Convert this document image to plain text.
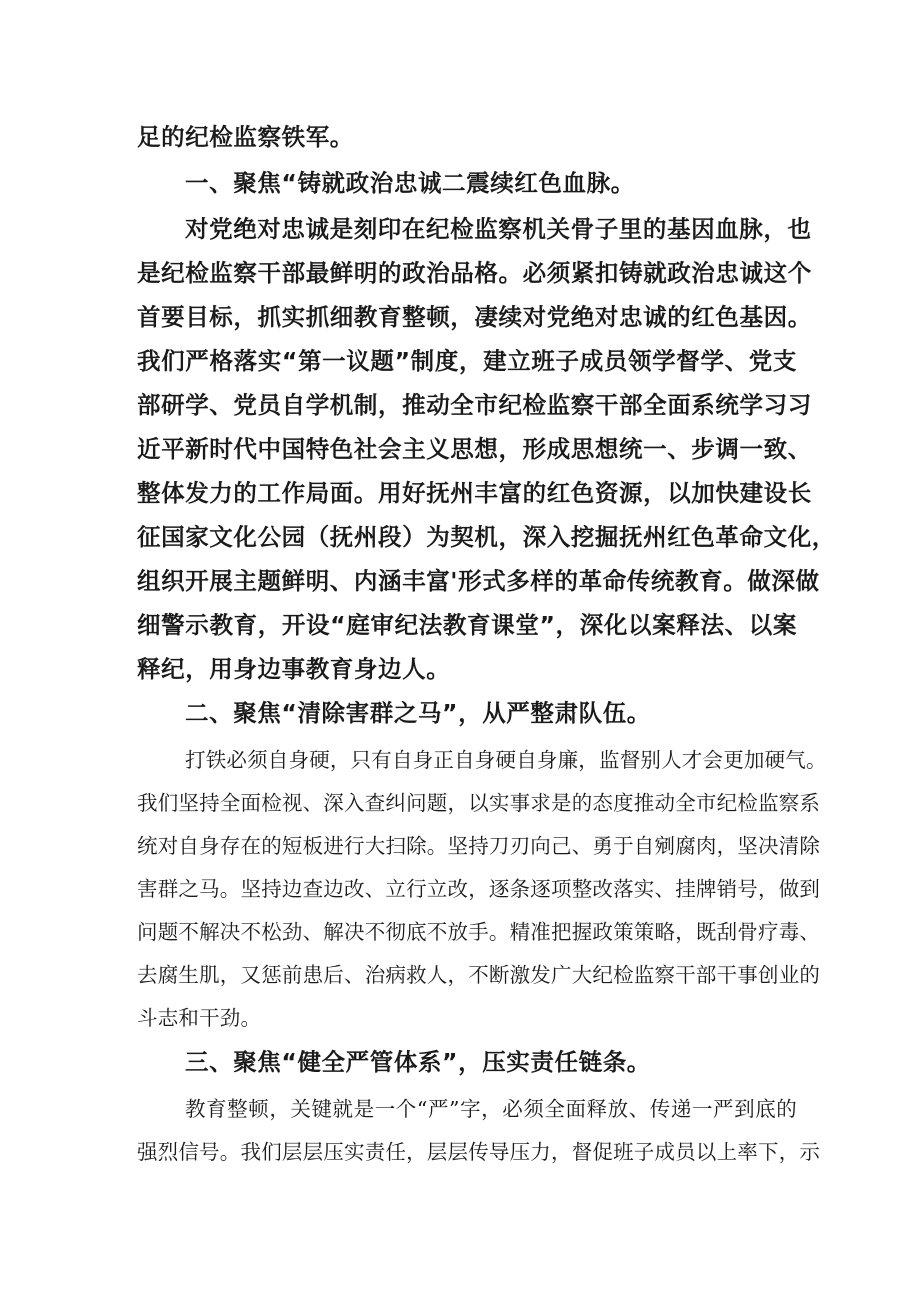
足的纪检监察铁军。

一、聚焦“铸就政治忠诚二震续红色血脉。

对党绝对忠诚是刻印在纪检监察机关骨子里的基因血脉，也

是纪检监察干部最鲜明的政治品格。必须紧扣铸就政治忠诚这个

首要目标，抓实抓细教育整顿，凄续对党绝对忠诚的红色基因。

我们严格落实“第一议题”制度，建立班子成员领学督学、党支

部研学、党员自学机制，推动全市纪检监察干部全面系统学习习

近平新时代中国特色社会主义思想，形成思想统一、步调一致、

整体发力的工作局面。用好抚州丰富的红色资源，以加快建设长

征国家文化公园（抚州段）为契机，深入挖掘抚州红色革命文化，

组织开展主题鲜明、内涵丰富'形式多样的革命传统教育。做深做

细警示教育，开设“庭审纪法教育课堂”，深化以案释法、以案

释纪，用身边事教育身边人。

二、聚焦“清除害群之马”，从严整肃队伍。

打铁必须自身硬，只有自身正自身硬自身廉，监督别人才会更加硬气。

我们坚持全面检视、深入查纠问题，以实事求是的态度推动全市纪检监察系

统对自身存在的短板进行大扫除。坚持刀刃向己、勇于自剜腐肉，坚决清除

害群之马。坚持边查边改、立行立改，逐条逐项整改落实、挂牌销号，做到

问题不解决不松劲、解决不彻底不放手。精准把握政策策略，既刮骨疗毒、

去腐生肌，又惩前患后、治病救人，不断激发广大纪检监察干部干事创业的

斗志和干劲。

三、聚焦“健全严管体系”，压实责任链条。

教育整顿，关键就是一个“严”字，必须全面释放、传递一严到底的

强烈信号。我们层层压实责任，层层传导压力，督促班子成员以上率下，示
